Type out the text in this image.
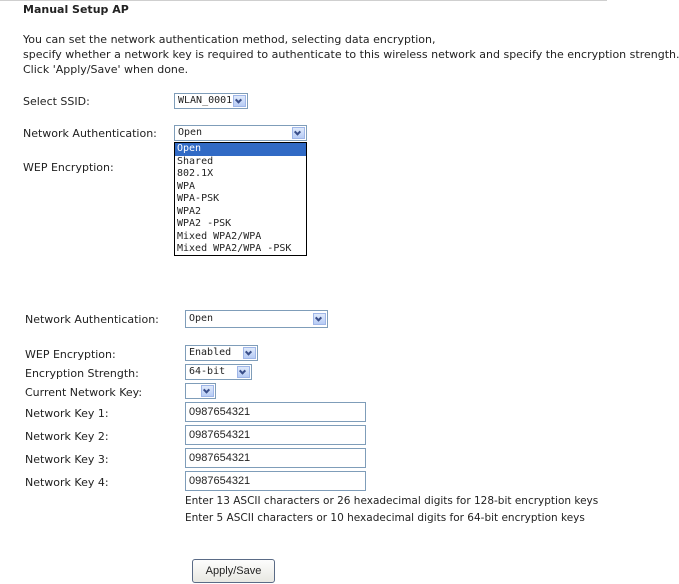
Manual Setup AP
You can set the network authentication method, selecting data encryption,
specify whether a network key is required to authenticate to this wireless network and specify the encryption strength.
Click 'Apply/Save' when done.
Select SSID:	WLAN_0001
Network Authentication:	Open
WEP Encryption:
Open
Shared
802.1X
WPA
WPA-PSK
WPA2
WPA2 -PSK
Mixed WPA2/WPA
Mixed WPA2/WPA -PSK
Network Authentication:	Open
WEP Encryption:	Enabled
Encryption Strength:	64-bit
Current Network Key:
Network Key 1:	0987654321
Network Key 2:	0987654321
Network Key 3:	0987654321
Network Key 4:	0987654321
Enter 13 ASCII characters or 26 hexadecimal digits for 128-bit encryption keys
Enter 5 ASCII characters or 10 hexadecimal digits for 64-bit encryption keys
Apply/Save
